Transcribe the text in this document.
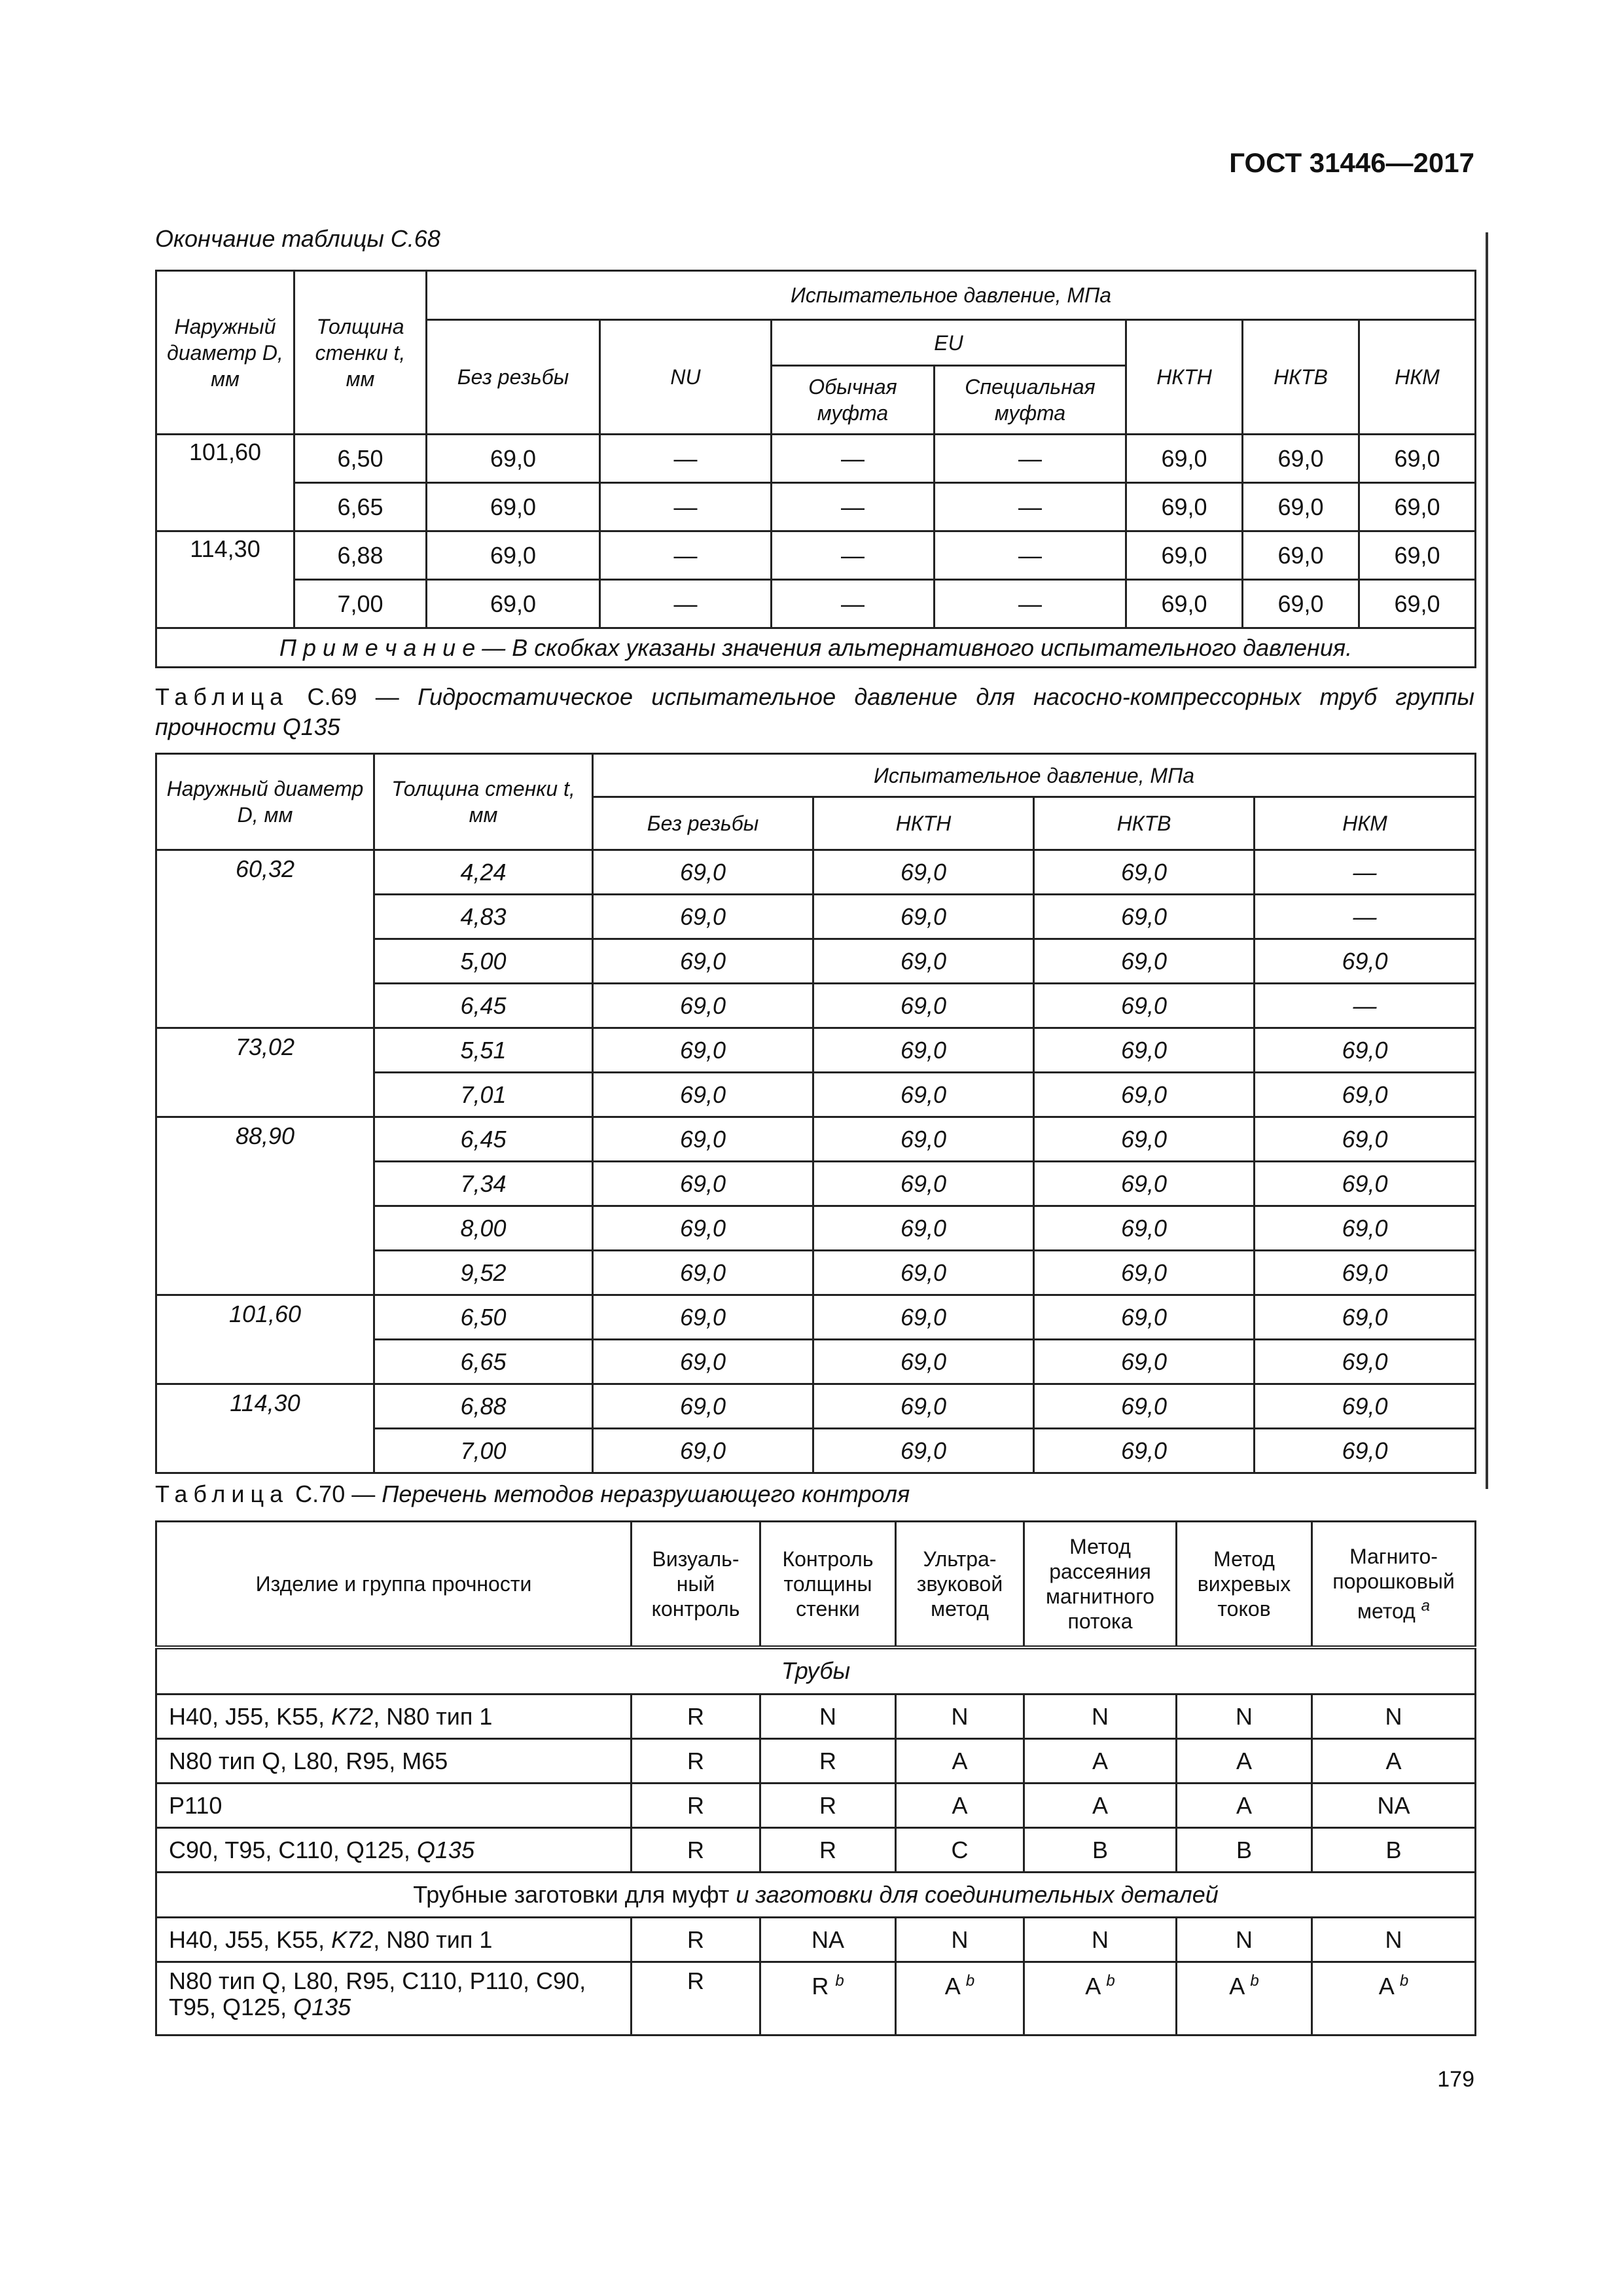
ГОСТ 31446—2017
Окончание таблицы С.68
Наружный диаметр D, мм	Толщина стенки t, мм	Испытательное давление, МПа						
		Без резьбы	NU	EU		НКТН	НКТВ	НКМ
				Обычная муфта	Специальная муфта			
101,60	6,50	69,0	—	—	—	69,0	69,0	69,0
	6,65	69,0	—	—	—	69,0	69,0	69,0
114,30	6,88	69,0	—	—	—	69,0	69,0	69,0
	7,00	69,0	—	—	—	69,0	69,0	69,0
П р и м е ч а н и е — В скобках указаны значения альтернативного испытательного давления.								
Таблица С.69 — Гидростатическое испытательное давление для насосно-компрессорных труб группы прочности Q135
Наружный диаметр D, мм	Толщина стенки t, мм	Испытательное давление, МПа			
		Без резьбы	НКТН	НКТВ	НКМ
60,32	4,24	69,0	69,0	69,0	—
	4,83	69,0	69,0	69,0	—
	5,00	69,0	69,0	69,0	69,0
	6,45	69,0	69,0	69,0	—
73,02	5,51	69,0	69,0	69,0	69,0
	7,01	69,0	69,0	69,0	69,0
88,90	6,45	69,0	69,0	69,0	69,0
	7,34	69,0	69,0	69,0	69,0
	8,00	69,0	69,0	69,0	69,0
	9,52	69,0	69,0	69,0	69,0
101,60	6,50	69,0	69,0	69,0	69,0
	6,65	69,0	69,0	69,0	69,0
114,30	6,88	69,0	69,0	69,0	69,0
	7,00	69,0	69,0	69,0	69,0
Таблица С.70 — Перечень методов неразрушающего контроля
Изделие и группа прочности	Визуаль-ный контроль	Контроль толщины стенки	Ультра-звуковой метод	Метод рассеяния магнитного потока	Метод вихревых токов	Магнито-порошковый метод $^a$
Трубы						
Н40, J55, K55, K72, N80 тип 1	R	N	N	N	N	N
N80 тип Q, L80, R95, M65	R	R	A	A	A	A
P110	R	R	A	A	A	NA
C90, T95, C110, Q125, Q135	R	R	C	B	B	B
Трубные заготовки для муфт и заготовки для соединительных деталей						
Н40, J55, K55, K72, N80 тип 1	R	NA	N	N	N	N
N80 тип Q, L80, R95, C110, P110, C90, T95, Q125, Q135	R	R $^b$	A $^b$	A $^b$	A $^b$	A $^b$
179
